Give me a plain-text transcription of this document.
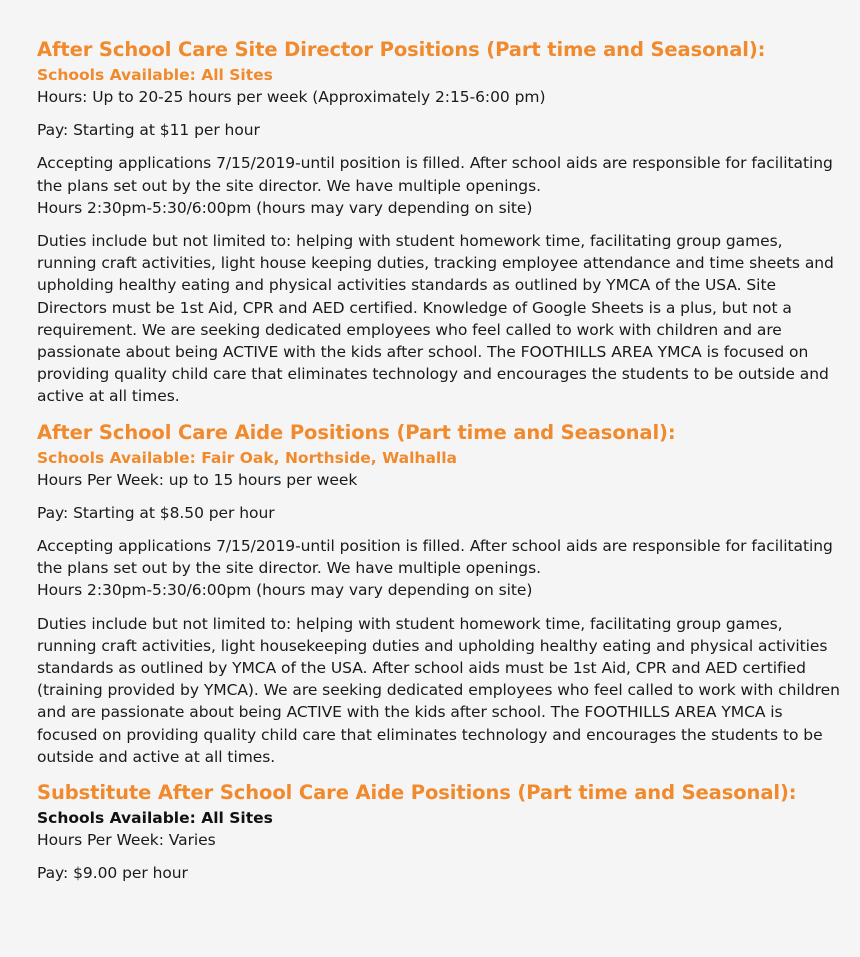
After School Care Site Director Positions (Part time and Seasonal):
Schools Available: All Sites

Hours: Up to 20-25 hours per week (Approximately 2:15-6:00 pm)

Pay: Starting at $11 per hour

Accepting applications 7/15/2019-until position is filled. After school aids are responsible for facilitating the plans set out by the site director. We have multiple openings.

Hours 2:30pm-5:30/6:00pm (hours may vary depending on site)

Duties include but not limited to: helping with student homework time, facilitating group games, running craft activities, light house keeping duties, tracking employee attendance and time sheets and upholding healthy eating and physical activities standards as outlined by YMCA of the USA. Site Directors must be 1st Aid, CPR and AED certified. Knowledge of Google Sheets is a plus, but not a requirement. We are seeking dedicated employees who feel called to work with children and are passionate about being ACTIVE with the kids after school. The FOOTHILLS AREA YMCA is focused on providing quality child care that eliminates technology and encourages the students to be outside and active at all times.

After School Care Aide Positions (Part time and Seasonal):
Schools Available: Fair Oak, Northside, Walhalla

Hours Per Week: up to 15 hours per week

Pay: Starting at $8.50 per hour

Accepting applications 7/15/2019-until position is filled. After school aids are responsible for facilitating the plans set out by the site director. We have multiple openings.

Hours 2:30pm-5:30/6:00pm (hours may vary depending on site)

Duties include but not limited to: helping with student homework time, facilitating group games, running craft activities, light housekeeping duties and upholding healthy eating and physical activities standards as outlined by YMCA of the USA. After school aids must be 1st Aid, CPR and AED certified (training provided by YMCA). We are seeking dedicated employees who feel called to work with children and are passionate about being ACTIVE with the kids after school. The FOOTHILLS AREA YMCA is focused on providing quality child care that eliminates technology and encourages the students to be outside and active at all times.

Substitute After School Care Aide Positions (Part time and Seasonal):
Schools Available: All Sites

Hours Per Week: Varies

Pay: $9.00 per hour
